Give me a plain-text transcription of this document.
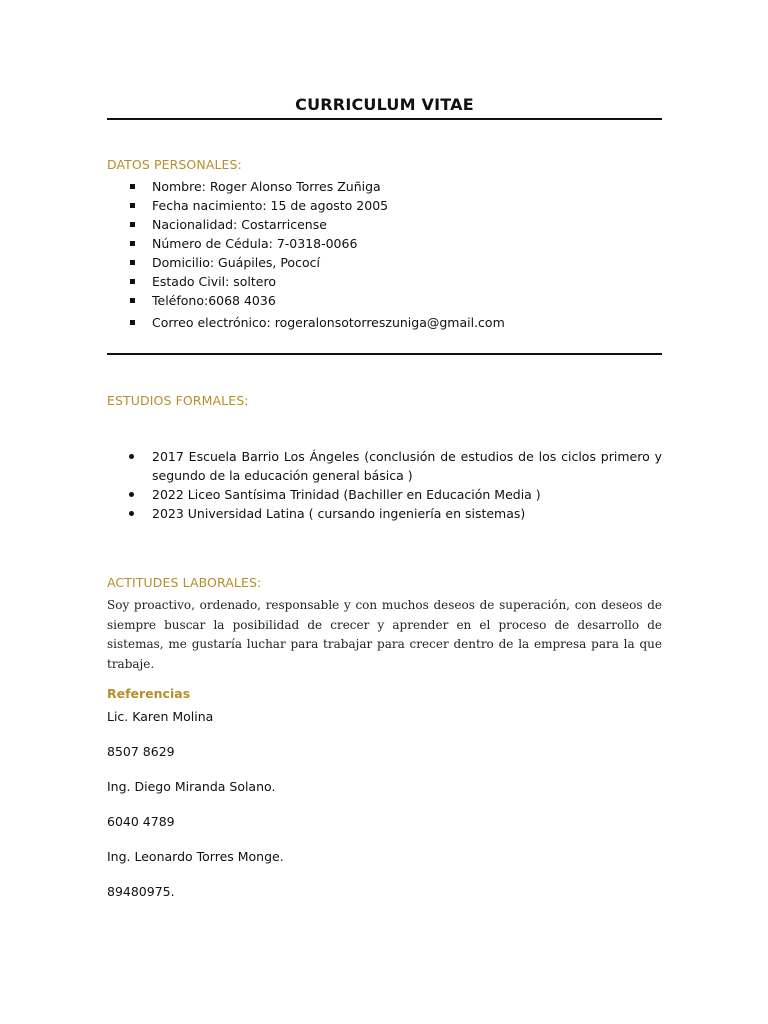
CURRICULUM VITAE
DATOS PERSONALES:
Nombre: Roger Alonso Torres Zuñiga
Fecha nacimiento: 15 de agosto 2005
Nacionalidad: Costarricense
Número de Cédula: 7-0318-0066
Domicilio: Guápiles, Pococí
Estado Civil: soltero
Teléfono:6068 4036
Correo electrónico: rogeralonsotorreszuniga@gmail.com
ESTUDIOS FORMALES:
2017 Escuela Barrio Los Ángeles (conclusión de estudios de los ciclos primero y segundo de la educación general básica )
2022 Liceo Santísima Trinidad (Bachiller en Educación Media )
2023 Universidad Latina ( cursando ingeniería en sistemas)
ACTITUDES LABORALES:
Soy proactivo, ordenado, responsable y con muchos deseos de superación, con deseos de siempre buscar la posibilidad de crecer y aprender en el proceso de desarrollo de sistemas, me gustaría luchar para trabajar para crecer dentro de la empresa para la que trabaje.
Referencias
Lic. Karen Molina
8507 8629
Ing. Diego Miranda Solano.
6040 4789
Ing. Leonardo Torres Monge.
89480975.
